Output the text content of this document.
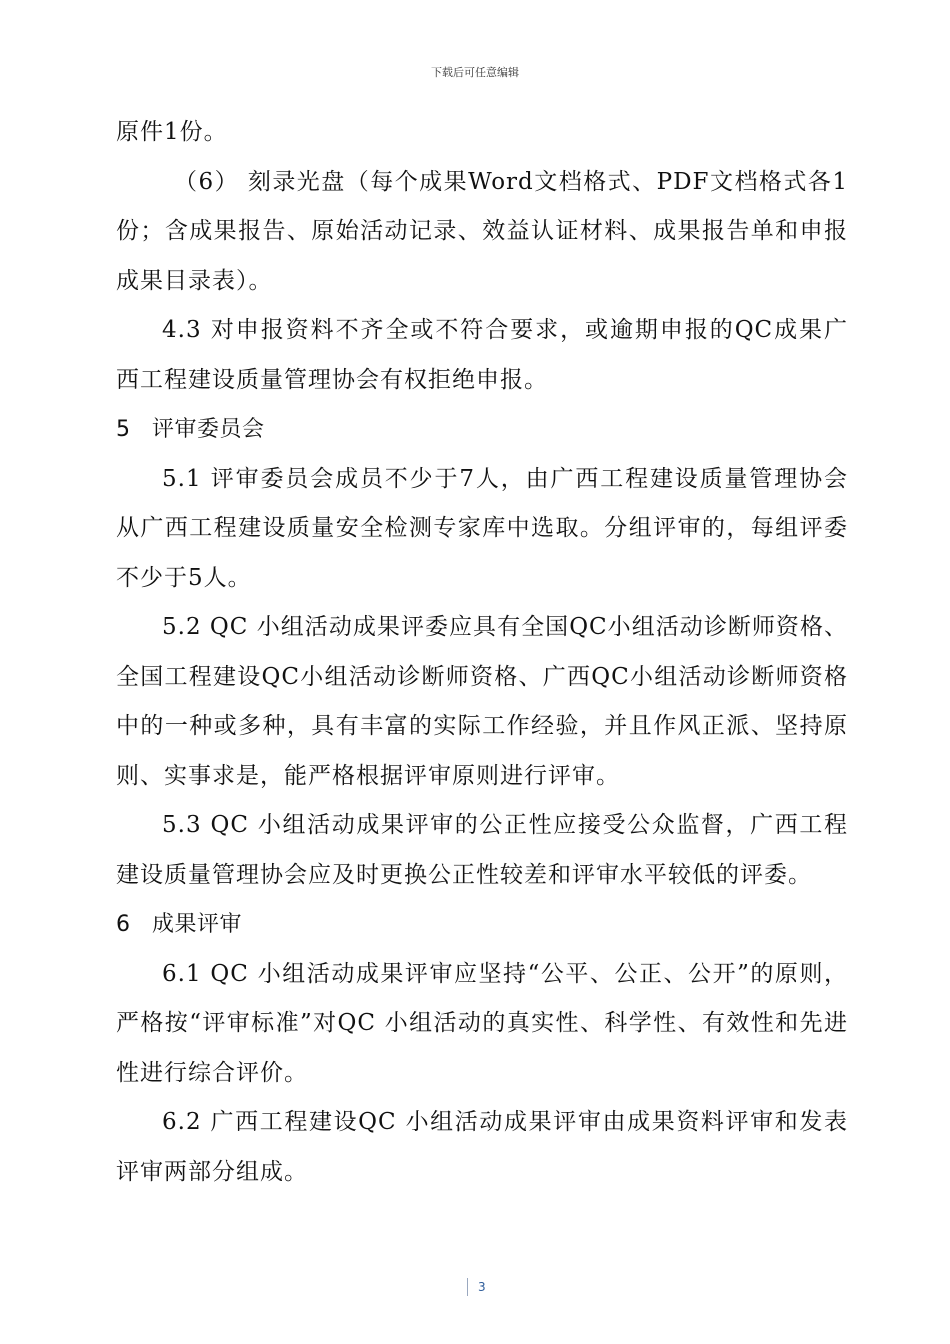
下载后可任意编辑

原件1份。

（6） 刻录光盘（每个成果Word文档格式、PDF文档格式各1份；含成果报告、原始活动记录、效益认证材料、成果报告单和申报成果目录表）。

4.3 对申报资料不齐全或不符合要求，或逾期申报的QC成果广西工程建设质量管理协会有权拒绝申报。

5 评审委员会

5.1 评审委员会成员不少于7人，由广西工程建设质量管理协会从广西工程建设质量安全检测专家库中选取。分组评审的，每组评委不少于5人。

5.2 QC 小组活动成果评委应具有全国QC小组活动诊断师资格、全国工程建设QC小组活动诊断师资格、广西QC小组活动诊断师资格中的一种或多种，具有丰富的实际工作经验，并且作风正派、坚持原则、实事求是，能严格根据评审原则进行评审。

5.3 QC 小组活动成果评审的公正性应接受公众监督，广西工程建设质量管理协会应及时更换公正性较差和评审水平较低的评委。

6 成果评审

6.1 QC 小组活动成果评审应坚持“公平、公正、公开”的原则，严格按“评审标准”对QC 小组活动的真实性、科学性、有效性和先进性进行综合评价。

6.2 广西工程建设QC 小组活动成果评审由成果资料评审和发表评审两部分组成。

3
